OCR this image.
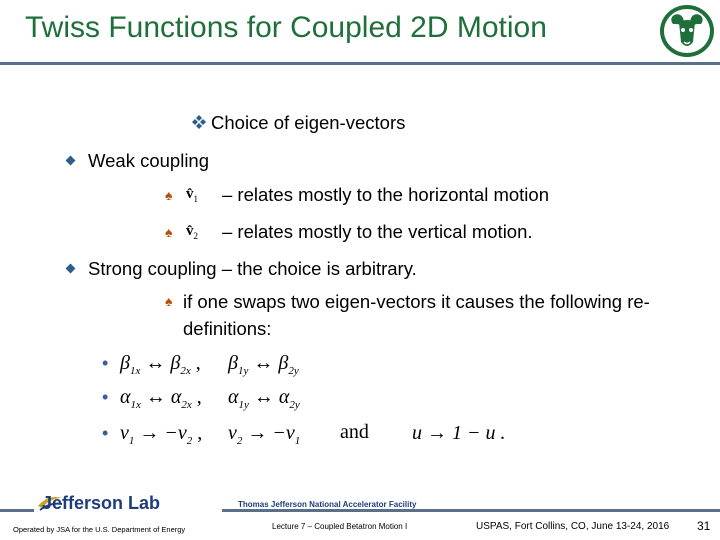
Twiss Functions for Coupled 2D Motion
Choice of eigen-vectors
Weak coupling
♠ $v̂_1$ – relates mostly to the horizontal motion
♠ $v̂_2$ – relates mostly to the vertical motion.
Strong coupling – the choice is arbitrary.
♠ if one swaps two eigen-vectors it causes the following re-
definitions:
• $\beta_{1x}$ ↔ $\beta_{2x}$ , $\beta_{1y}$ ↔ $\beta_{2y}$
• $\alpha_{1x}$ ↔ $\alpha_{2x}$ , $\alpha_{1y}$ ↔ $\alpha_{2y}$
• $\nu_1 \to -\nu_2$ , $\nu_2 \to -\nu_1$ and u → 1 − u .
Jefferson Lab	Thomas Jefferson National Accelerator Facility
Operated by JSA for the U.S. Department of Energy	Lecture 7 – Coupled Betatron Motion I	USPAS, Fort Collins, CO, June 13-24, 2016 31
